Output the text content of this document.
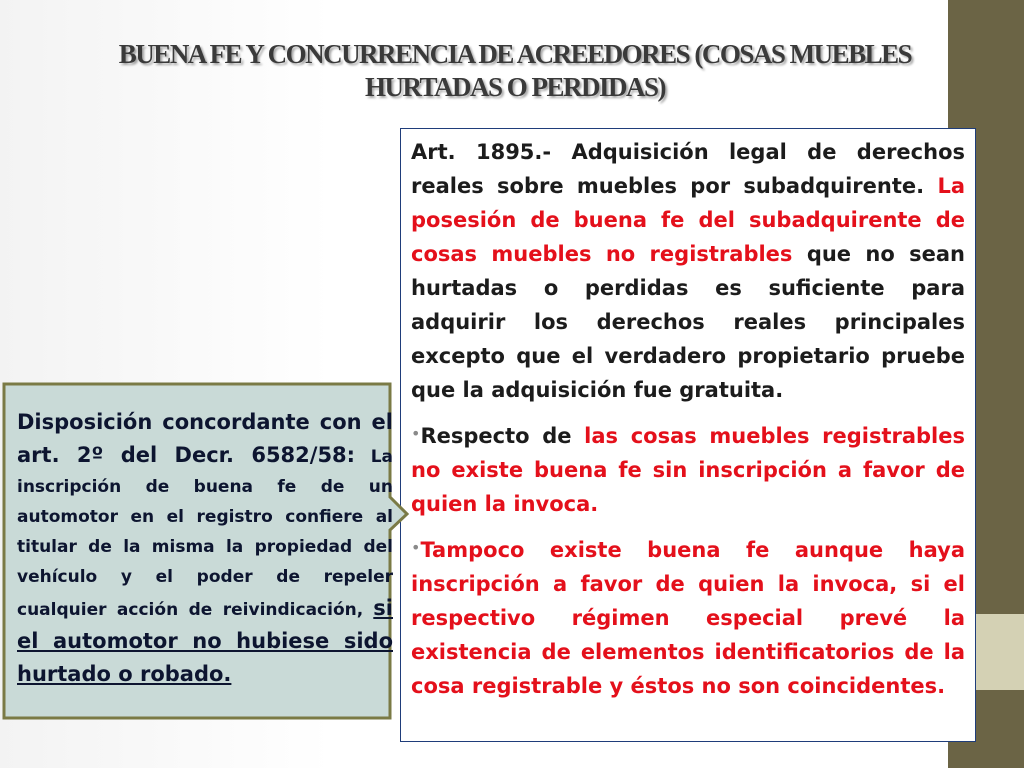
BUENA FE Y CONCURRENCIA DE ACREEDORES (COSAS MUEBLES HURTADAS O PERDIDAS)

Art. 1895.- Adquisición legal de derechos reales sobre muebles por subadquirente. La posesión de buena fe del subadquirente de cosas muebles no registrables que no sean hurtadas o perdidas es suficiente para adquirir los derechos reales principales excepto que el verdadero propietario pruebe que la adquisición fue gratuita.

•Respecto de las cosas muebles registrables no existe buena fe sin inscripción a favor de quien la invoca.

•Tampoco existe buena fe aunque haya inscripción a favor de quien la invoca, si el respectivo régimen especial prevé la existencia de elementos identificatorios de la cosa registrable y éstos no son coincidentes.

Disposición concordante con el art. 2º del Decr. 6582/58: La inscripción de buena fe de un automotor en el registro confiere al titular de la misma la propiedad del vehículo y el poder de repeler cualquier acción de reivindicación, si el automotor no hubiese sido hurtado o robado.
